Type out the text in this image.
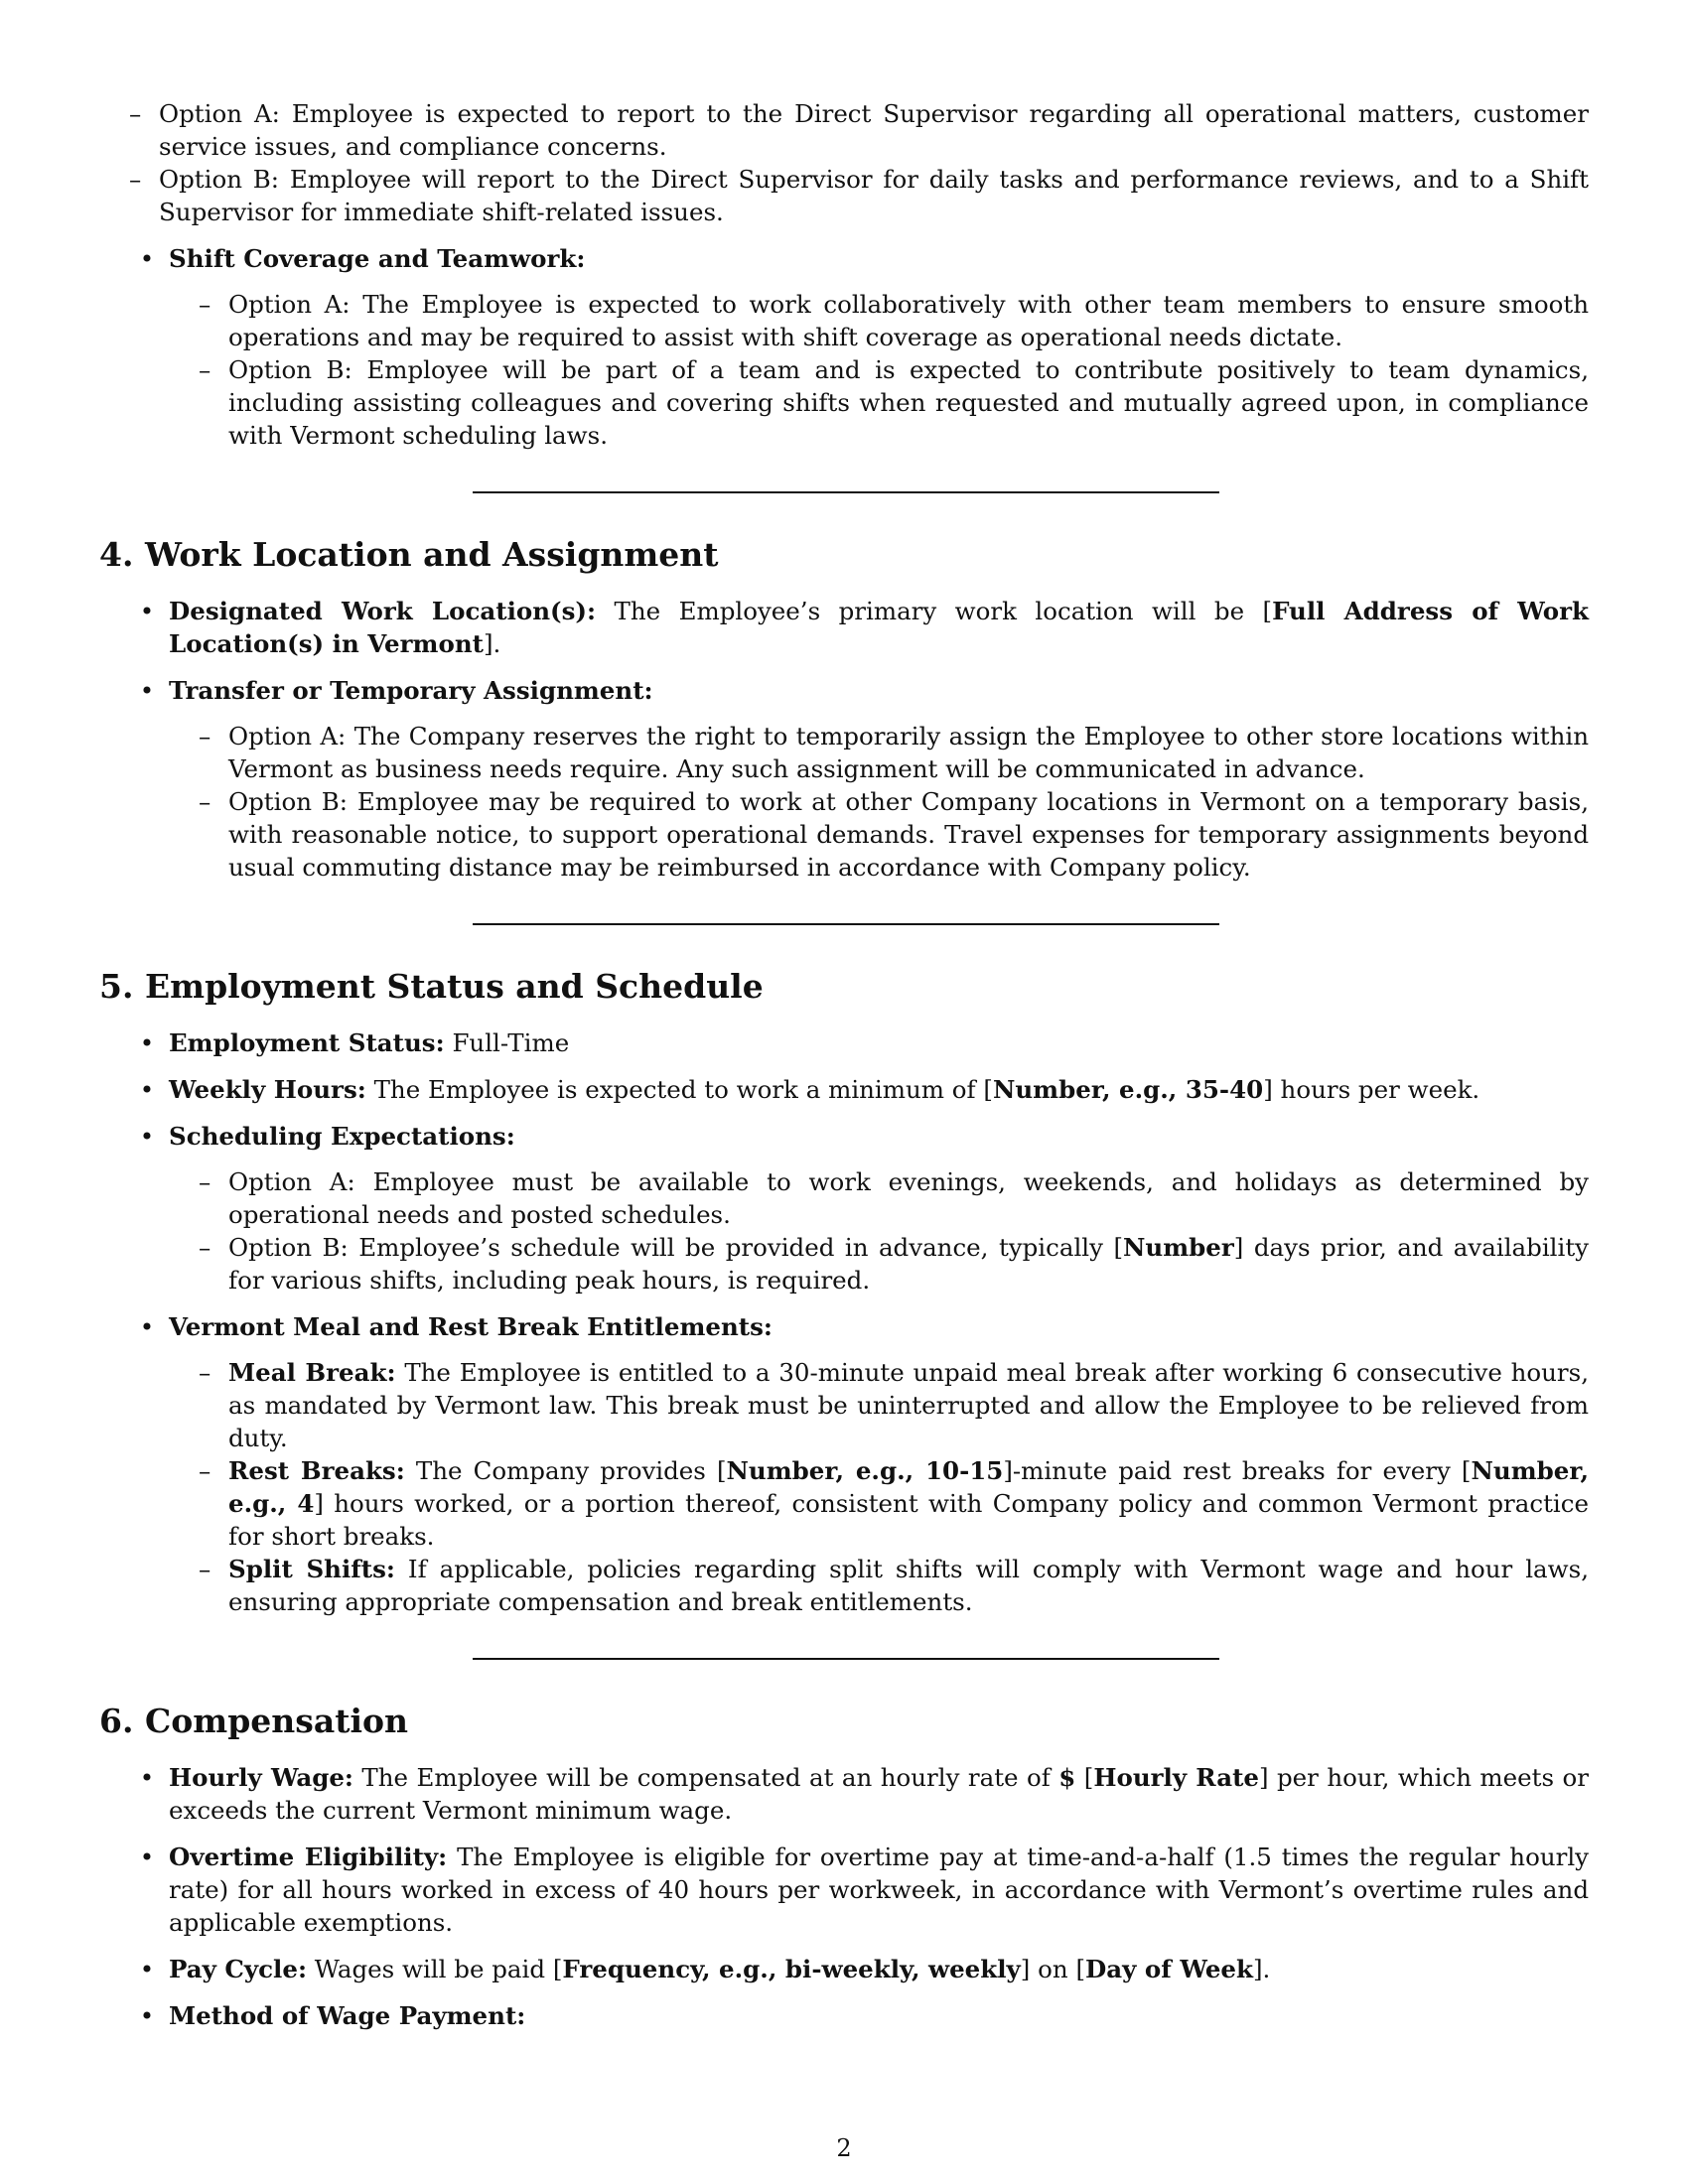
– Option A: Employee is expected to report to the Direct Supervisor regarding all operational matters, customer service issues, and compliance concerns.
– Option B: Employee will report to the Direct Supervisor for daily tasks and performance reviews, and to a Shift Supervisor for immediate shift-related issues.
• Shift Coverage and Teamwork:
– Option A: The Employee is expected to work collaboratively with other team members to ensure smooth operations and may be required to assist with shift coverage as operational needs dictate.
– Option B: Employee will be part of a team and is expected to contribute positively to team dynamics, including assisting colleagues and covering shifts when requested and mutually agreed upon, in compliance with Vermont scheduling laws.
4. Work Location and Assignment
• Designated Work Location(s): The Employee’s primary work location will be [Full Address of Work Location(s) in Vermont].
• Transfer or Temporary Assignment:
– Option A: The Company reserves the right to temporarily assign the Employee to other store locations within Vermont as business needs require. Any such assignment will be communicated in advance.
– Option B: Employee may be required to work at other Company locations in Vermont on a temporary basis, with reasonable notice, to support operational demands. Travel expenses for temporary assignments beyond usual commuting distance may be reimbursed in accordance with Company policy.
5. Employment Status and Schedule
• Employment Status: Full-Time
• Weekly Hours: The Employee is expected to work a minimum of [Number, e.g., 35-40] hours per week.
• Scheduling Expectations:
– Option A: Employee must be available to work evenings, weekends, and holidays as determined by operational needs and posted schedules.
– Option B: Employee’s schedule will be provided in advance, typically [Number] days prior, and availability for various shifts, including peak hours, is required.
• Vermont Meal and Rest Break Entitlements:
– Meal Break: The Employee is entitled to a 30-minute unpaid meal break after working 6 consecutive hours, as mandated by Vermont law. This break must be uninterrupted and allow the Employee to be relieved from duty.
– Rest Breaks: The Company provides [Number, e.g., 10-15]-minute paid rest breaks for every [Number, e.g., 4] hours worked, or a portion thereof, consistent with Company policy and common Vermont practice for short breaks.
– Split Shifts: If applicable, policies regarding split shifts will comply with Vermont wage and hour laws, ensuring appropriate compensation and break entitlements.
6. Compensation
• Hourly Wage: The Employee will be compensated at an hourly rate of $ [Hourly Rate] per hour, which meets or exceeds the current Vermont minimum wage.
• Overtime Eligibility: The Employee is eligible for overtime pay at time-and-a-half (1.5 times the regular hourly rate) for all hours worked in excess of 40 hours per workweek, in accordance with Vermont’s overtime rules and applicable exemptions.
• Pay Cycle: Wages will be paid [Frequency, e.g., bi-weekly, weekly] on [Day of Week].
• Method of Wage Payment:
2
